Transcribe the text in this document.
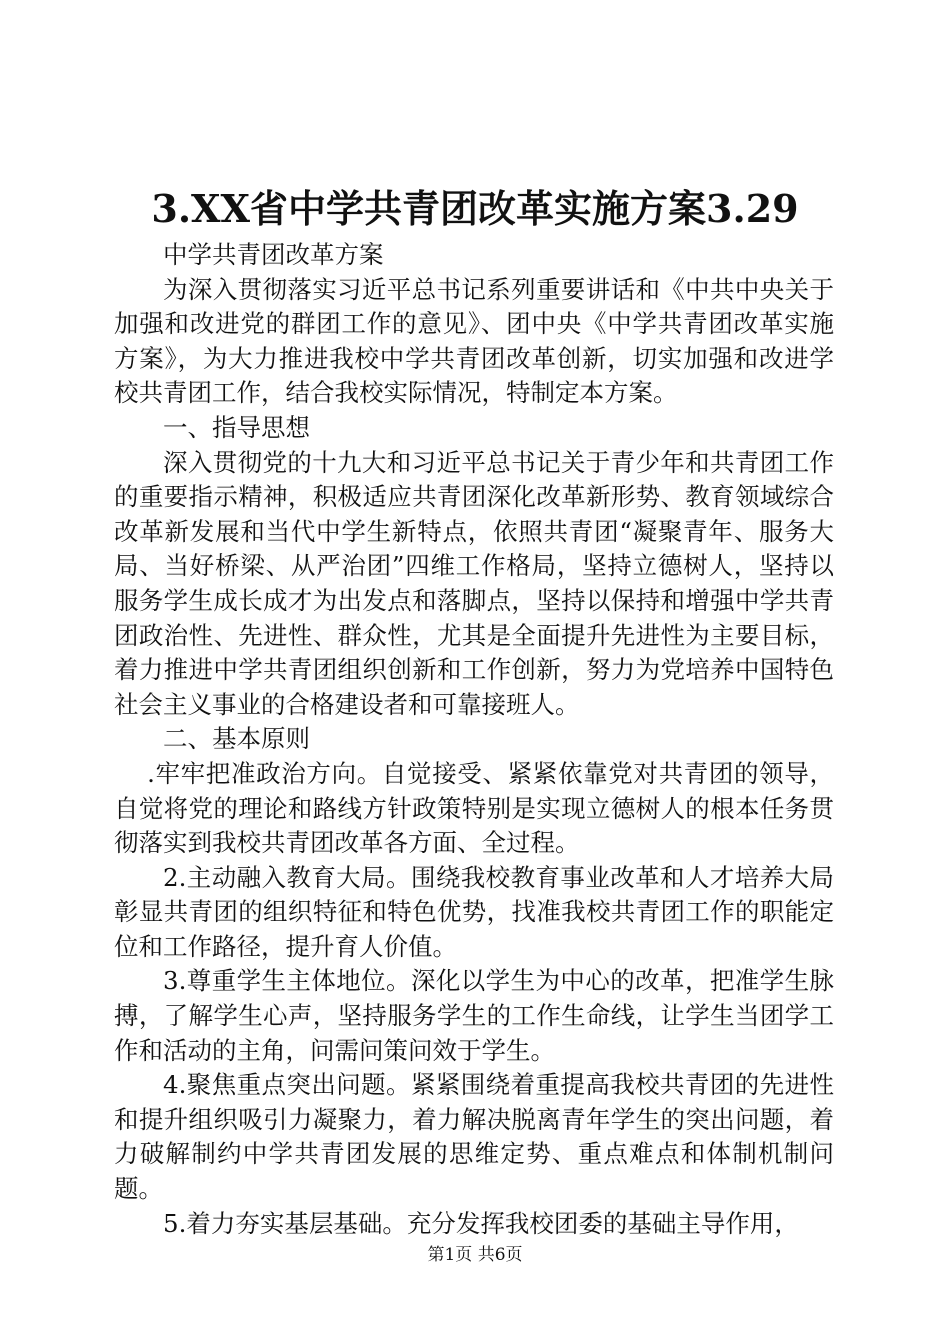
3.XX省中学共青团改革实施方案3.29

中学共青团改革方案

为深入贯彻落实习近平总书记系列重要讲话和《中共中央关于加强和改进党的群团工作的意见》、团中央《中学共青团改革实施方案》，为大力推进我校中学共青团改革创新，切实加强和改进学校共青团工作，结合我校实际情况，特制定本方案。

一、指导思想

深入贯彻党的十九大和习近平总书记关于青少年和共青团工作的重要指示精神，积极适应共青团深化改革新形势、教育领域综合改革新发展和当代中学生新特点，依照共青团“凝聚青年、服务大局、当好桥梁、从严治团”四维工作格局，坚持立德树人，坚持以服务学生成长成才为出发点和落脚点，坚持以保持和增强中学共青团政治性、先进性、群众性，尤其是全面提升先进性为主要目标，着力推进中学共青团组织创新和工作创新，努力为党培养中国特色社会主义事业的合格建设者和可靠接班人。

二、基本原则

.牢牢把准政治方向。自觉接受、紧紧依靠党对共青团的领导，自觉将党的理论和路线方针政策特别是实现立德树人的根本任务贯彻落实到我校共青团改革各方面、全过程。

2.主动融入教育大局。围绕我校教育事业改革和人才培养大局彰显共青团的组织特征和特色优势，找准我校共青团工作的职能定位和工作路径，提升育人价值。

3.尊重学生主体地位。深化以学生为中心的改革，把准学生脉搏，了解学生心声，坚持服务学生的工作生命线，让学生当团学工作和活动的主角，问需问策问效于学生。

4.聚焦重点突出问题。紧紧围绕着重提高我校共青团的先进性和提升组织吸引力凝聚力，着力解决脱离青年学生的突出问题，着力破解制约中学共青团发展的思维定势、重点难点和体制机制问题。

5.着力夯实基层基础。充分发挥我校团委的基础主导作用，

第1页 共6页
